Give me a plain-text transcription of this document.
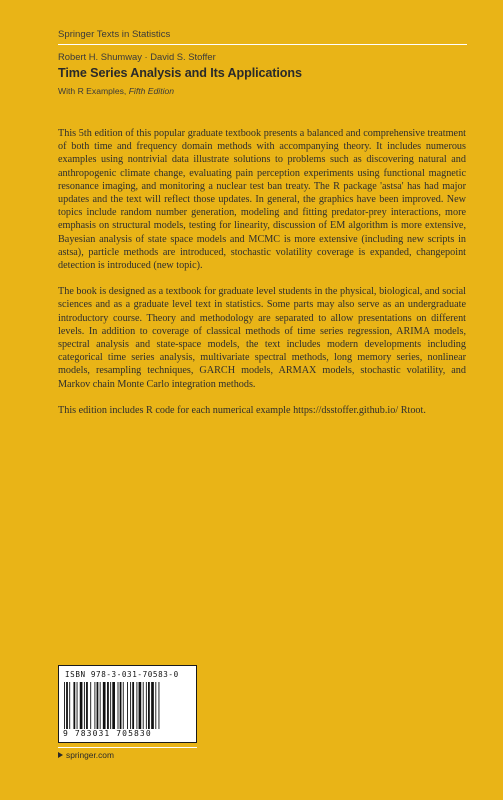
Springer Texts in Statistics
Robert H. Shumway · David S. Stoffer
Time Series Analysis and Its Applications
With R Examples, Fifth Edition

This 5th edition of this popular graduate textbook presents a balanced and comprehensive treatment of both time and frequency domain methods with accompanying theory. It includes numerous examples using nontrivial data illustrate solutions to problems such as discovering natural and anthropogenic climate change, evaluating pain perception experiments using functional magnetic resonance imaging, and monitoring a nuclear test ban treaty. The R package 'astsa' has had major updates and the text will reflect those updates. In general, the graphics have been improved. New topics include random number generation, modeling and fitting predator-prey interactions, more emphasis on structural models, testing for linearity, discussion of EM algorithm is more extensive, Bayesian analysis of state space models and MCMC is more extensive (including new scripts in astsa), particle methods are introduced, stochastic volatility coverage is expanded, changepoint detection is introduced (new topic).

The book is designed as a textbook for graduate level students in the physical, biological, and social sciences and as a graduate level text in statistics. Some parts may also serve as an undergraduate introductory course. Theory and methodology are separated to allow presentations on different levels. In addition to coverage of classical methods of time series regression, ARIMA models, spectral analysis and state-space models, the text includes modern developments including categorical time series analysis, multivariate spectral methods, long memory series, nonlinear models, resampling techniques, GARCH models, ARMAX models, stochastic volatility, and Markov chain Monte Carlo integration methods.

This edition includes R code for each numerical example https://dsstoffer.github.io/ Rtoot.

ISBN 978-3-031-70583-0
9 783031 705830
springer.com
